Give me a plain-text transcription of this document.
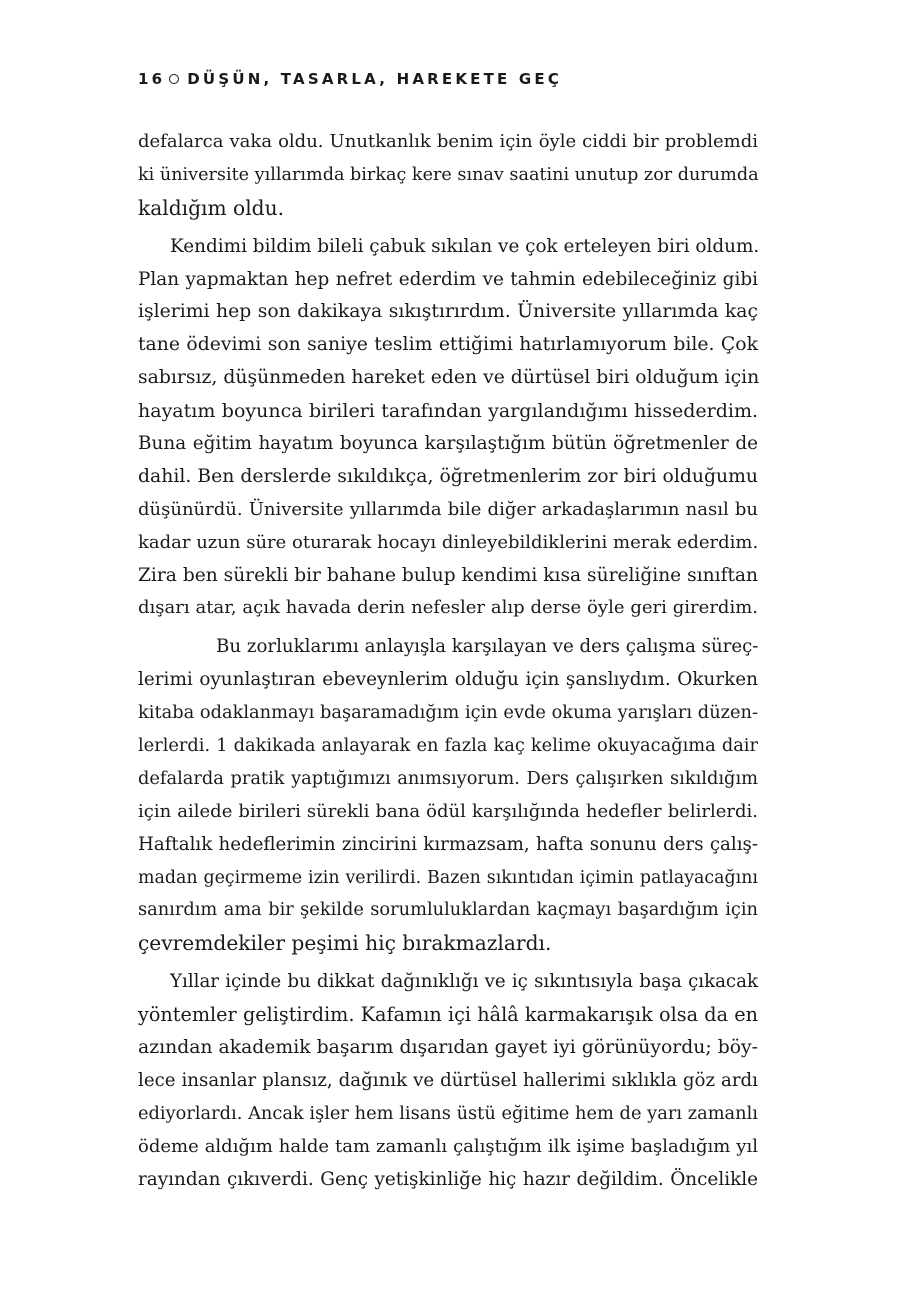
16 DÜŞÜN, TASARLA, HAREKETE GEÇ
defalarca vaka oldu. Unutkanlık benim için öyle ciddi bir problemdi
ki üniversite yıllarımda birkaç kere sınav saatini unutup zor durumda
kaldığım oldu.
Kendimi bildim bileli çabuk sıkılan ve çok erteleyen biri oldum.
Plan yapmaktan hep nefret ederdim ve tahmin edebileceğiniz gibi
işlerimi hep son dakikaya sıkıştırırdım. Üniversite yıllarımda kaç
tane ödevimi son saniye teslim ettiğimi hatırlamıyorum bile. Çok
sabırsız, düşünmeden hareket eden ve dürtüsel biri olduğum için
hayatım boyunca birileri tarafından yargılandığımı hissederdim.
Buna eğitim hayatım boyunca karşılaştığım bütün öğretmenler de
dahil. Ben derslerde sıkıldıkça, öğretmenlerim zor biri olduğumu
düşünürdü. Üniversite yıllarımda bile diğer arkadaşlarımın nasıl bu
kadar uzun süre oturarak hocayı dinleyebildiklerini merak ederdim.
Zira ben sürekli bir bahane bulup kendimi kısa süreliğine sınıftan
dışarı atar, açık havada derin nefesler alıp derse öyle geri girerdim.
Bu zorluklarımı anlayışla karşılayan ve ders çalışma süreç-
lerimi oyunlaştıran ebeveynlerim olduğu için şanslıydım. Okurken
kitaba odaklanmayı başaramadığım için evde okuma yarışları düzen-
lerlerdi. 1 dakikada anlayarak en fazla kaç kelime okuyacağıma dair
defalarda pratik yaptığımızı anımsıyorum. Ders çalışırken sıkıldığım
için ailede birileri sürekli bana ödül karşılığında hedefler belirlerdi.
Haftalık hedeflerimin zincirini kırmazsam, hafta sonunu ders çalış-
madan geçirmeme izin verilirdi. Bazen sıkıntıdan içimin patlayacağını
sanırdım ama bir şekilde sorumluluklardan kaçmayı başardığım için
çevremdekiler peşimi hiç bırakmazlardı.
Yıllar içinde bu dikkat dağınıklığı ve iç sıkıntısıyla başa çıkacak
yöntemler geliştirdim. Kafamın içi hâlâ karmakarışık olsa da en
azından akademik başarım dışarıdan gayet iyi görünüyordu; böy-
lece insanlar plansız, dağınık ve dürtüsel hallerimi sıklıkla göz ardı
ediyorlardı. Ancak işler hem lisans üstü eğitime hem de yarı zamanlı
ödeme aldığım halde tam zamanlı çalıştığım ilk işime başladığım yıl
rayından çıkıverdi. Genç yetişkinliğe hiç hazır değildim. Öncelikle
